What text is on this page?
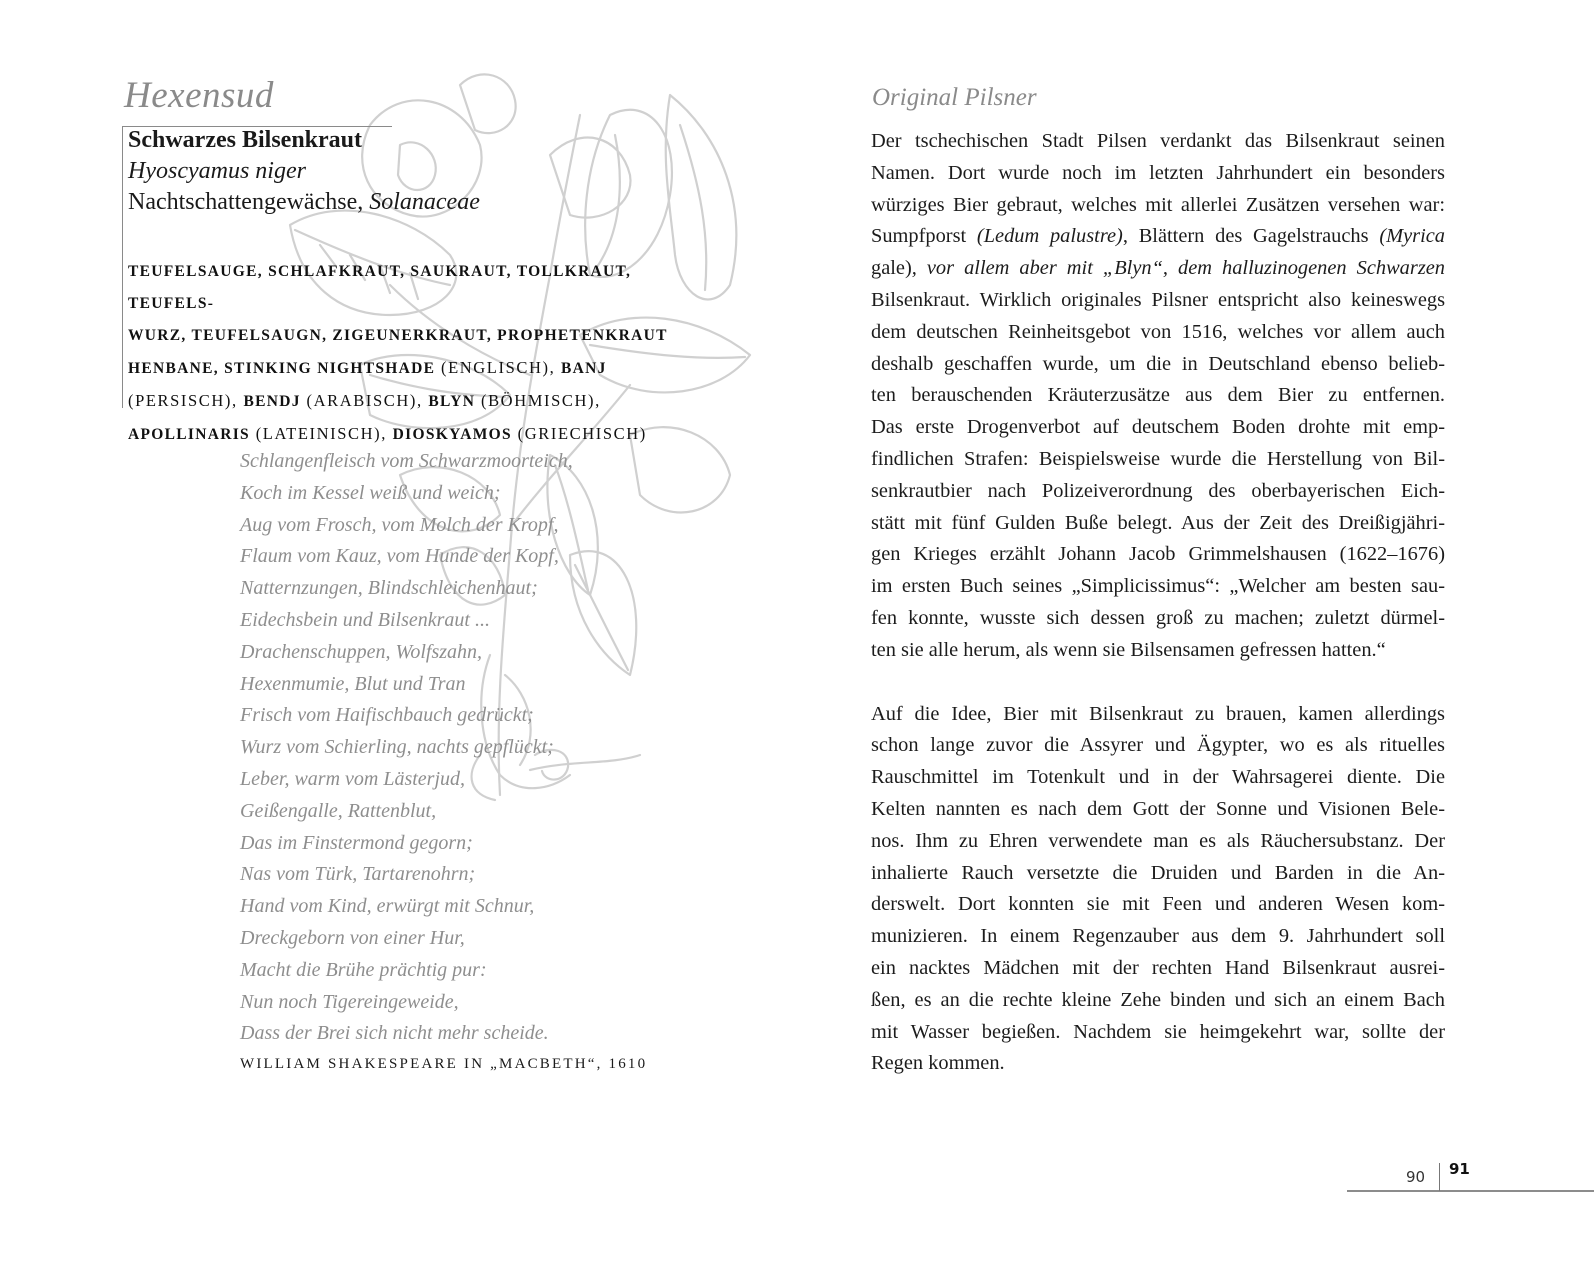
Hexensud
Schwarzes Bilsenkraut
Hyoscyamus niger
Nachtschattengewächse, Solanaceae
TEUFELSAUGE, SCHLAFKRAUT, SAUKRAUT, TOLLKRAUT, TEUFELS-
WURZ, TEUFELSAUGN, ZIGEUNERKRAUT, PROPHETENKRAUT
HENBANE, STINKING NIGHTSHADE (ENGLISCH), BANJ
(PERSISCH), BENDJ (ARABISCH), BLYN (BÖHMISCH),
APOLLINARIS (LATEINISCH), DIOSKYAMOS (GRIECHISCH)
Schlangenfleisch vom Schwarzmoorteich,
Koch im Kessel weiß und weich;
Aug vom Frosch, vom Molch der Kropf,
Flaum vom Kauz, vom Hunde der Kopf,
Natternzungen, Blindschleichenhaut;
Eidechsbein und Bilsenkraut ...
Drachenschuppen, Wolfszahn,
Hexenmumie, Blut und Tran
Frisch vom Haifischbauch gedrückt;
Wurz vom Schierling, nachts gepflückt;
Leber, warm vom Lästerjud,
Geißengalle, Rattenblut,
Das im Finstermond gegorn;
Nas vom Türk, Tartarenohrn;
Hand vom Kind, erwürgt mit Schnur,
Dreckgeborn von einer Hur,
Macht die Brühe prächtig pur:
Nun noch Tigereingeweide,
Dass der Brei sich nicht mehr scheide.
WILLIAM SHAKESPEARE IN „MACBETH“, 1610
Original Pilsner
Der tschechischen Stadt Pilsen verdankt das Bilsenkraut seinen
Namen. Dort wurde noch im letzten Jahrhundert ein besonders
würziges Bier gebraut, welches mit allerlei Zusätzen versehen war:
Sumpfporst (Ledum palustre), Blättern des Gagelstrauchs (Myrica
gale), vor allem aber mit „Blyn“, dem halluzinogenen Schwarzen
Bilsenkraut. Wirklich originales Pilsner entspricht also keineswegs
dem deutschen Reinheitsgebot von 1516, welches vor allem auch
deshalb geschaffen wurde, um die in Deutschland ebenso belieb-
ten berauschenden Kräuterzusätze aus dem Bier zu entfernen.
Das erste Drogenverbot auf deutschem Boden drohte mit emp-
findlichen Strafen: Beispielsweise wurde die Herstellung von Bil-
senkrautbier nach Polizeiverordnung des oberbayerischen Eich-
stätt mit fünf Gulden Buße belegt. Aus der Zeit des Dreißigjähri-
gen Krieges erzählt Johann Jacob Grimmelshausen (1622–1676)
im ersten Buch seines „Simplicissimus“: „Welcher am besten sau-
fen konnte, wusste sich dessen groß zu machen; zuletzt dürmel-
ten sie alle herum, als wenn sie Bilsensamen gefressen hatten.“
Auf die Idee, Bier mit Bilsenkraut zu brauen, kamen allerdings
schon lange zuvor die Assyrer und Ägypter, wo es als rituelles
Rauschmittel im Totenkult und in der Wahrsagerei diente. Die
Kelten nannten es nach dem Gott der Sonne und Visionen Bele-
nos. Ihm zu Ehren verwendete man es als Räuchersubstanz. Der
inhalierte Rauch versetzte die Druiden und Barden in die An-
derswelt. Dort konnten sie mit Feen und anderen Wesen kom-
munizieren. In einem Regenzauber aus dem 9. Jahrhundert soll
ein nacktes Mädchen mit der rechten Hand Bilsenkraut ausrei-
ßen, es an die rechte kleine Zehe binden und sich an einem Bach
mit Wasser begießen. Nachdem sie heimgekehrt war, sollte der
Regen kommen.
90 91
